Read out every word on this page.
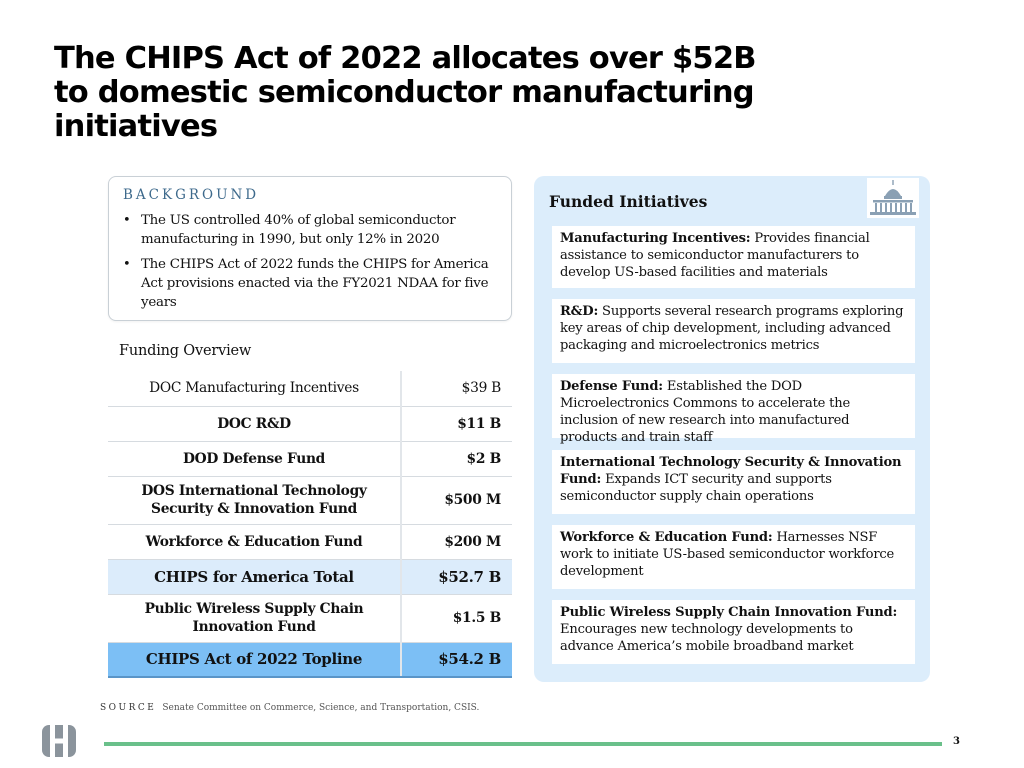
The CHIPS Act of 2022 allocates over $52B
to domestic semiconductor manufacturing
initiatives
BACKGROUND
• The US controlled 40% of global semiconductor manufacturing in 1990, but only 12% in 2020
• The CHIPS Act of 2022 funds the CHIPS for America Act provisions enacted via the FY2021 NDAA for five years
Funding Overview
DOC Manufacturing Incentives	$39 B
DOC R&D	$11 B
DOD Defense Fund	$2 B
DOS International Technology Security & Innovation Fund	$500 M
Workforce & Education Fund	$200 M
CHIPS for America Total	$52.7 B
Public Wireless Supply Chain Innovation Fund	$1.5 B
CHIPS Act of 2022 Topline	$54.2 B
Funded Initiatives
Manufacturing Incentives: Provides financial assistance to semiconductor manufacturers to develop US-based facilities and materials
R&D: Supports several research programs exploring key areas of chip development, including advanced packaging and microelectronics metrics
Defense Fund: Established the DOD Microelectronics Commons to accelerate the inclusion of new research into manufactured products and train staff
International Technology Security & Innovation Fund: Expands ICT security and supports semiconductor supply chain operations
Workforce & Education Fund: Harnesses NSF work to initiate US-based semiconductor workforce development
Public Wireless Supply Chain Innovation Fund: Encourages new technology developments to advance America’s mobile broadband market
SOURCE Senate Committee on Commerce, Science, and Transportation, CSIS.
3
